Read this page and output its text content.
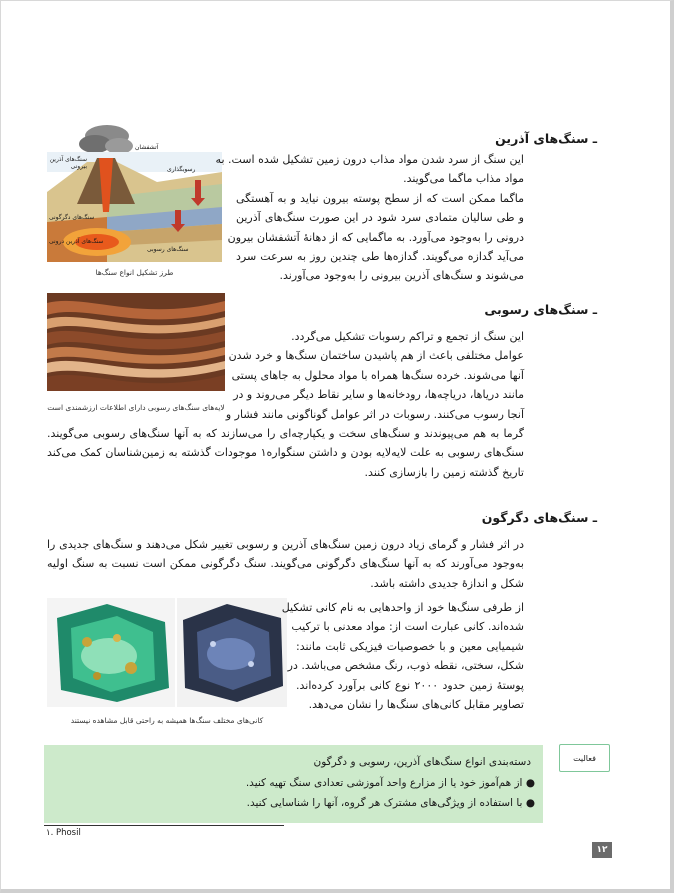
آتشفشان
سنگ‌های آذرین بیرونی	رسوبگذاری
سنگ‌های دگرگونی
سنگ‌های رسوبی
سنگ‌های آذرین درونی
طرز تشکیل انواع سنگ‌ها
لایه‌های سنگ‌های رسوبی دارای اطلاعات ارزشمندی است
ـ سنگ‌های آذرین
این سنگ از سرد شدن مواد مذاب درون زمین تشکیل شده است. به
مواد مذاب ماگما می‌گویند.
ماگما ممکن است که از سطح پوسته بیرون نیاید و به آهستگی
و طی سالیان متمادی سرد شود در این صورت سنگ‌های آذرین
درونی را به‌وجود می‌آورد. به ماگمایی که از دهانهٔ آتشفشان بیرون
می‌آید گدازه می‌گویند. گدازه‌ها طی چندین روز به سرعت سرد
می‌شوند و سنگ‌های آذرین بیرونی را به‌وجود می‌آورند.
ـ سنگ‌های رسوبی
این سنگ از تجمع و تراکم رسوبات تشکیل می‌گردد.
عوامل مختلفی باعث از هم پاشیدن ساختمان سنگ‌ها و خرد شدن
آنها می‌شوند. خرده سنگ‌ها همراه با مواد محلول به جاهای پستی
مانند دریاها، دریاچه‌ها، رودخانه‌ها و سایر نقاط دیگر می‌روند و در
آنجا رسوب می‌کنند. رسوبات در اثر عوامل گوناگونی مانند فشار و
گرما به هم می‌پیوندند و سنگ‌های سخت و یکپارچه‌ای را می‌سازند که به آنها سنگ‌های رسوبی می‌گویند.
سنگ‌های رسوبی به علت لایه‌لایه بودن و داشتن سنگواره۱ موجودات گذشته به زمین‌شناسان کمک می‌کند
تاریخ گذشته زمین را بازسازی کنند.
ـ سنگ‌های دگرگون
در اثر فشار و گرمای زیاد درون زمین سنگ‌های آذرین و رسوبی تغییر شکل می‌دهند و سنگ‌های جدیدی را
به‌وجود می‌آورند که به آنها سنگ‌های دگرگونی می‌گویند. سنگ دگرگونی ممکن است نسبت به سنگ اولیه
شکل و اندازهٔ جدیدی داشته باشد.
کانی‌های مختلف سنگ‌ها همیشه به راحتی قابل مشاهده نیستند
از طرفی سنگ‌ها خود از واحدهایی به نام کانی تشکیل
شده‌اند. کانی عبارت است از: مواد معدنی با ترکیب
شیمیایی معین و با خصوصیات فیزیکی ثابت مانند:
شکل، سختی، نقطه ذوب، رنگ مشخص می‌باشد. در
پوستهٔ زمین حدود ۲۰۰۰ نوع کانی برآورد کرده‌اند.
تصاویر مقابل کانی‌های سنگ‌ها را نشان می‌دهد.
فعالیت
دسته‌بندی انواع سنگ‌های آذرین، رسوبی و دگرگون
● از هم‌آموز خود یا از مزارع واحد آموزشی تعدادی سنگ تهیه کنید.
● با استفاده از ویژگی‌های مشترک هر گروه، آنها را شناسایی کنید.
۱. Phosil
۱۲
